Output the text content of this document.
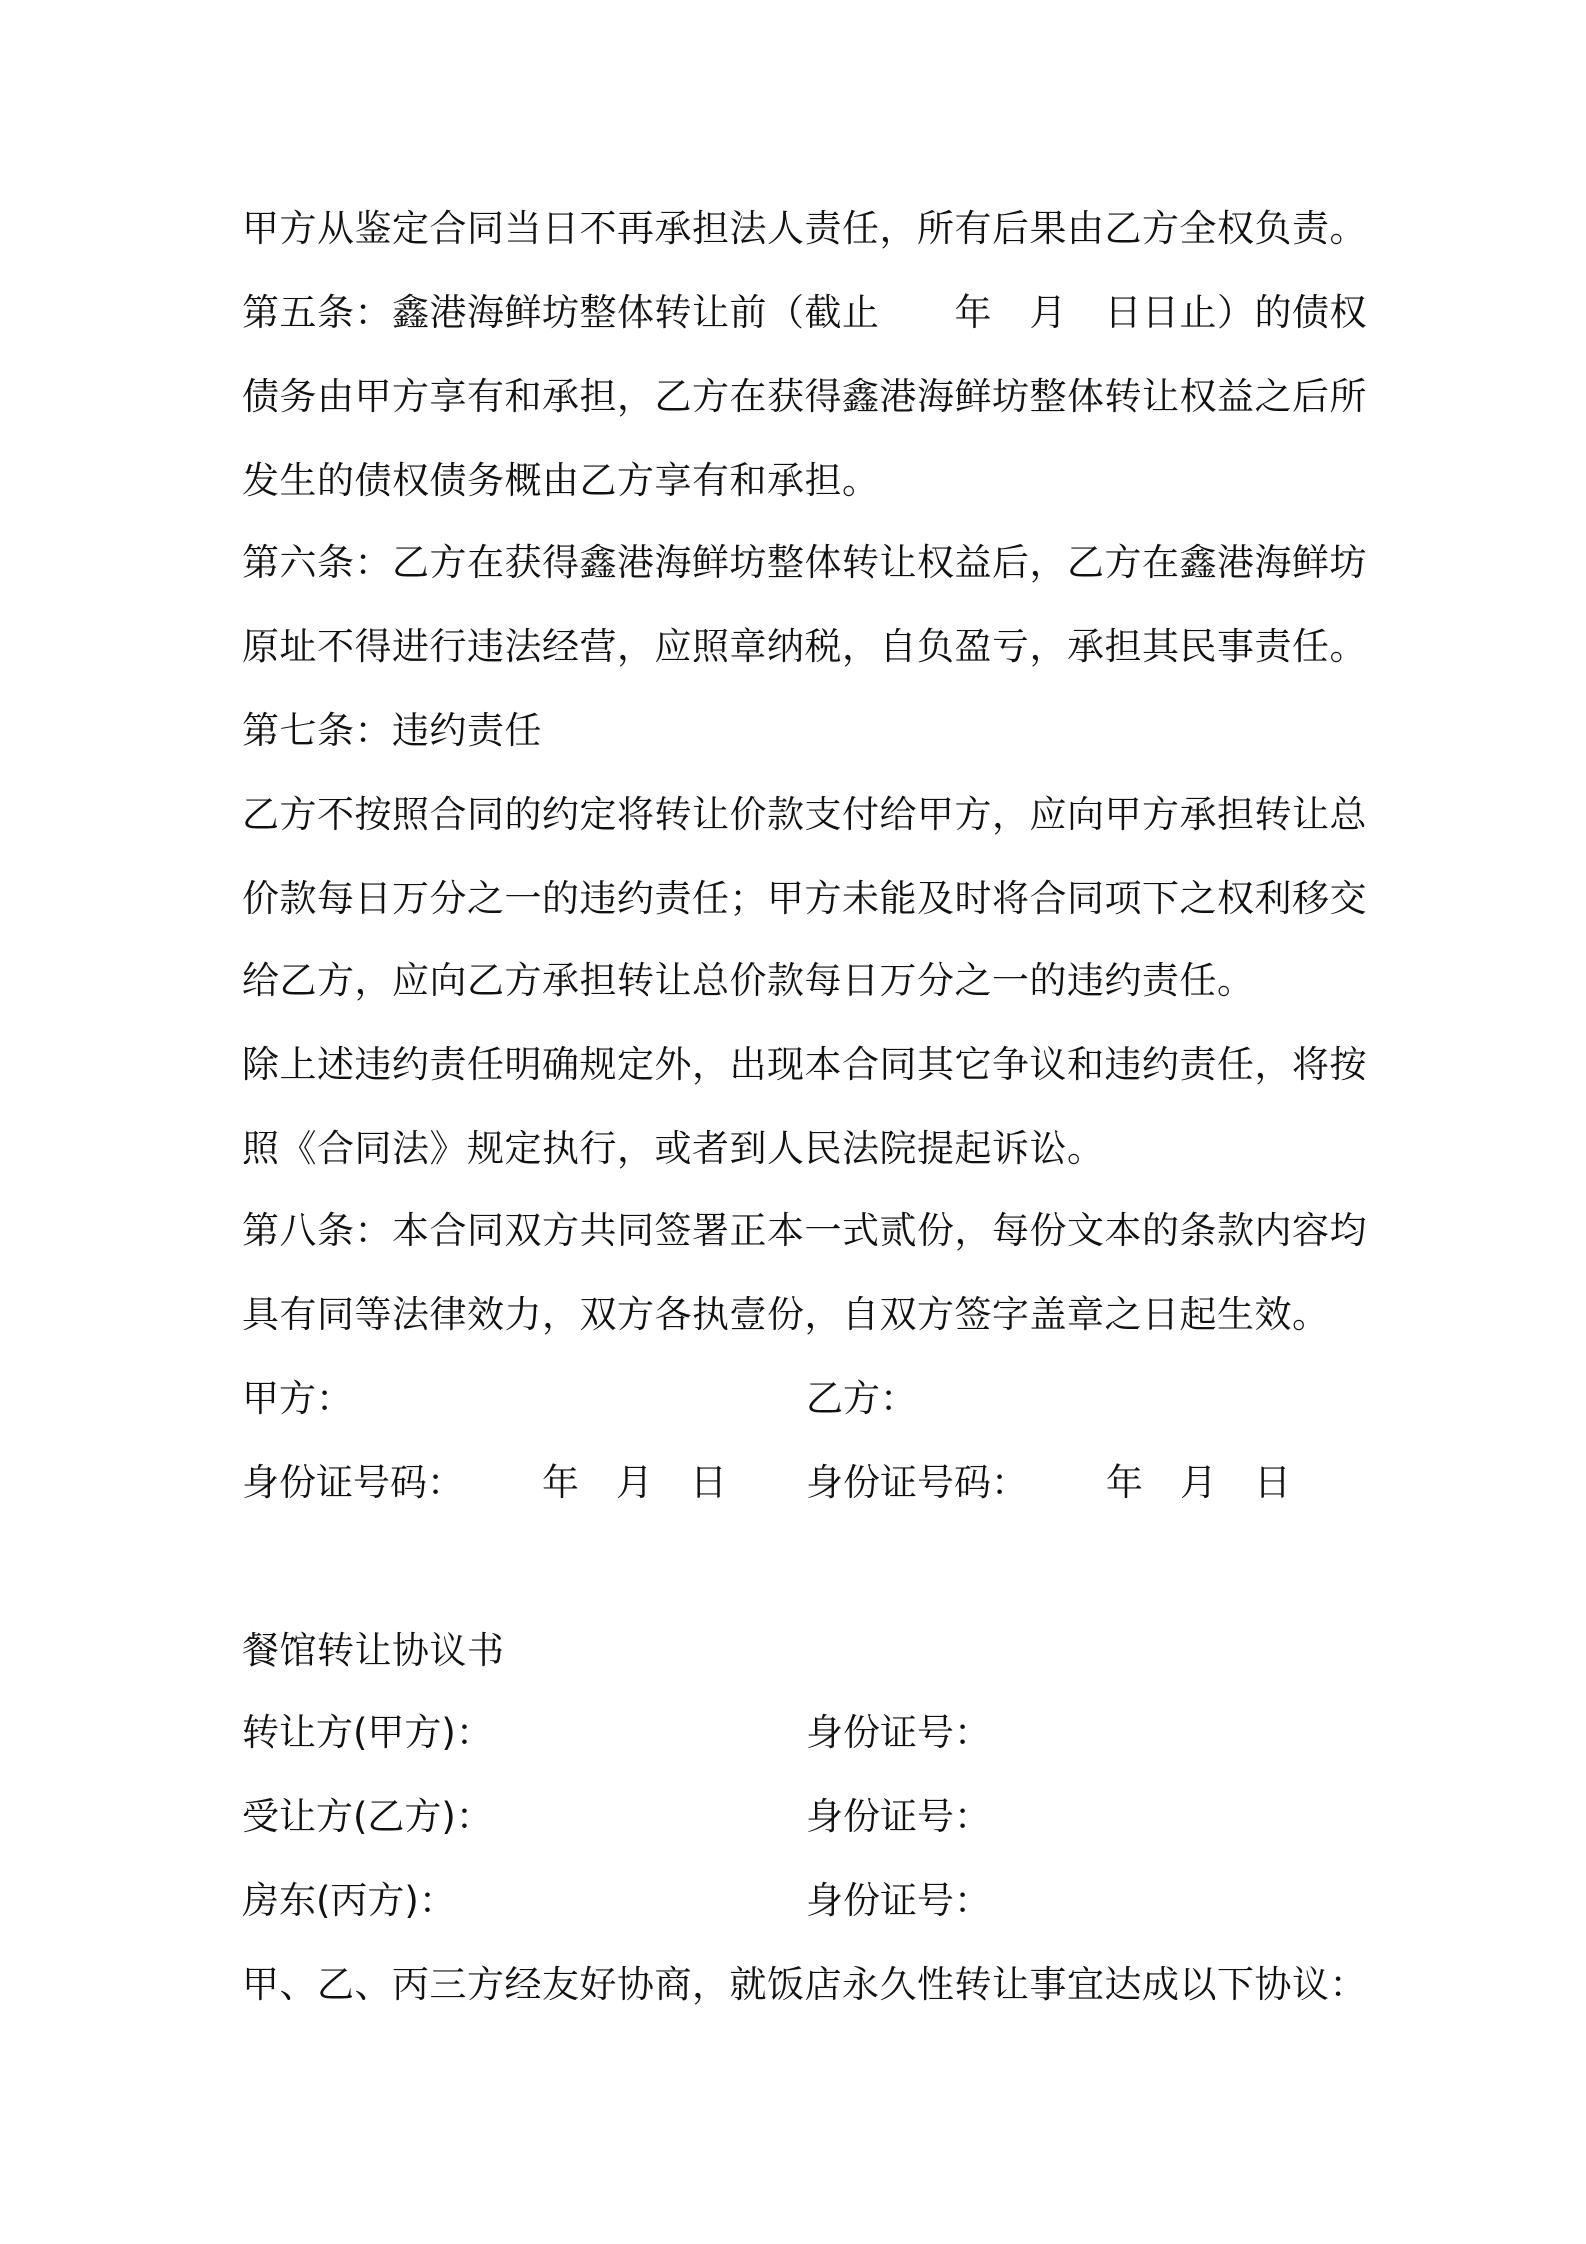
甲方从鉴定合同当日不再承担法人责任，所有后果由乙方全权负责。
第五条：鑫港海鲜坊整体转让前（截止　　年　月　日日止）的债权
债务由甲方享有和承担，乙方在获得鑫港海鲜坊整体转让权益之后所
发生的债权债务概由乙方享有和承担。
第六条：乙方在获得鑫港海鲜坊整体转让权益后，乙方在鑫港海鲜坊
原址不得进行违法经营，应照章纳税，自负盈亏，承担其民事责任。
第七条：违约责任
乙方不按照合同的约定将转让价款支付给甲方，应向甲方承担转让总
价款每日万分之一的违约责任；甲方未能及时将合同项下之权利移交
给乙方，应向乙方承担转让总价款每日万分之一的违约责任。
除上述违约责任明确规定外，出现本合同其它争议和违约责任，将按
照《合同法》规定执行，或者到人民法院提起诉讼。
第八条：本合同双方共同签署正本一式贰份，每份文本的条款内容均
具有同等法律效力，双方各执壹份，自双方签字盖章之日起生效。
甲方：	乙方：
身份证号码： 年　月　日 身份证号码： 年　月　日
餐馆转让协议书
转让方(甲方)：	身份证号：
受让方(乙方)：	身份证号：
房东(丙方)：	身份证号：
甲、乙、丙三方经友好协商，就饭店永久性转让事宜达成以下协议：
